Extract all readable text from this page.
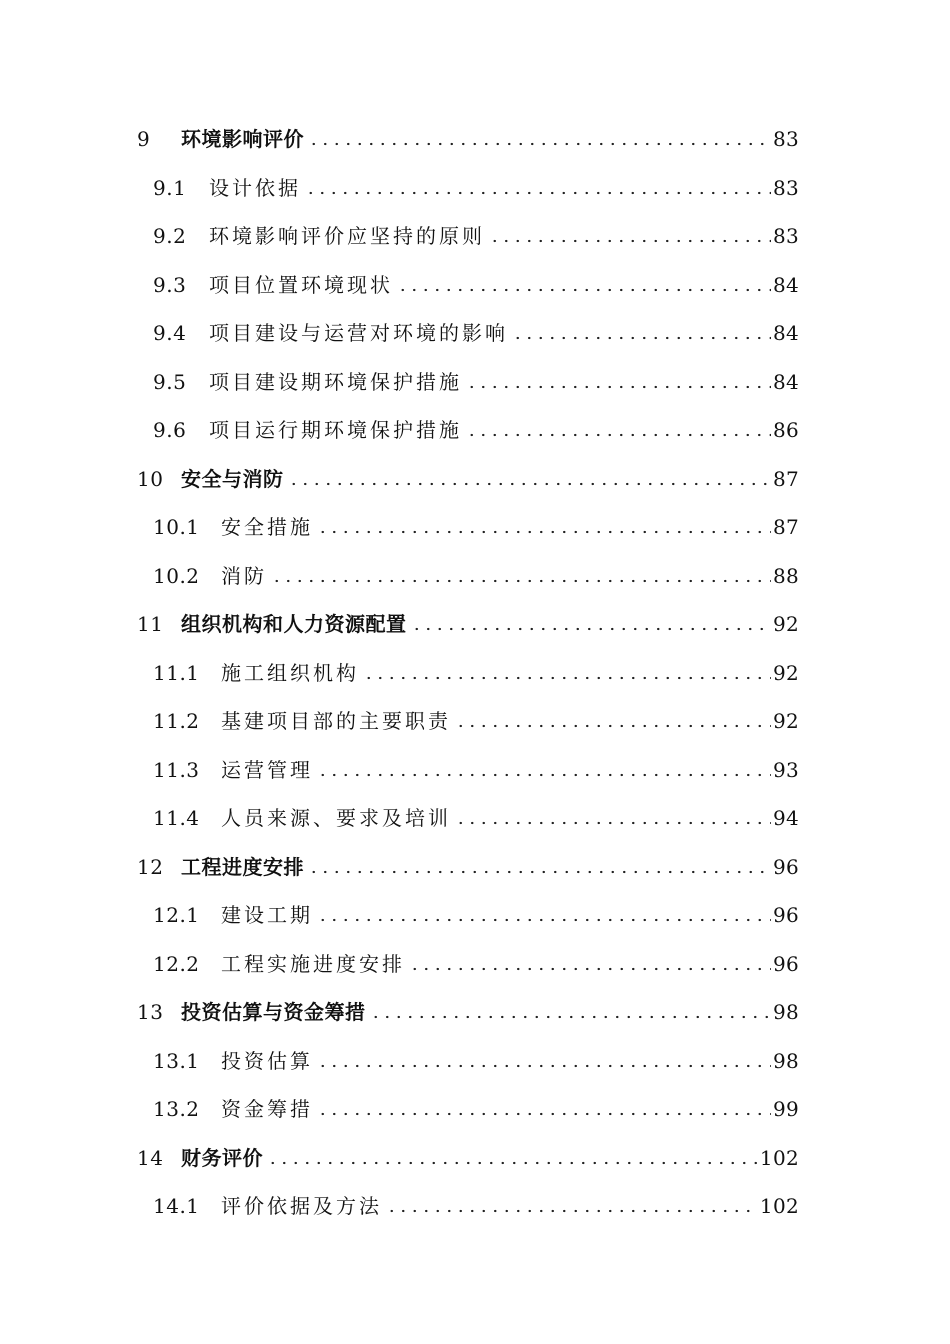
9	环境影响评价	83
9.1	设计依据	83
9.2	环境影响评价应坚持的原则	83
9.3	项目位置环境现状	84
9.4	项目建设与运营对环境的影响	84
9.5	项目建设期环境保护措施	84
9.6	项目运行期环境保护措施	86
10 安全与消防	87
10.1	安全措施	87
10.2	消防	88
11 组织机构和人力资源配置	92
11.1	施工组织机构	92
11.2	基建项目部的主要职责	92
11.3	运营管理	93
11.4	人员来源、要求及培训	94
12 工程进度安排	96
12.1	建设工期	96
12.2	工程实施进度安排	96
13 投资估算与资金筹措	98
13.1	投资估算	98
13.2	资金筹措	99
14 财务评价	102
14.1	评价依据及方法	102
